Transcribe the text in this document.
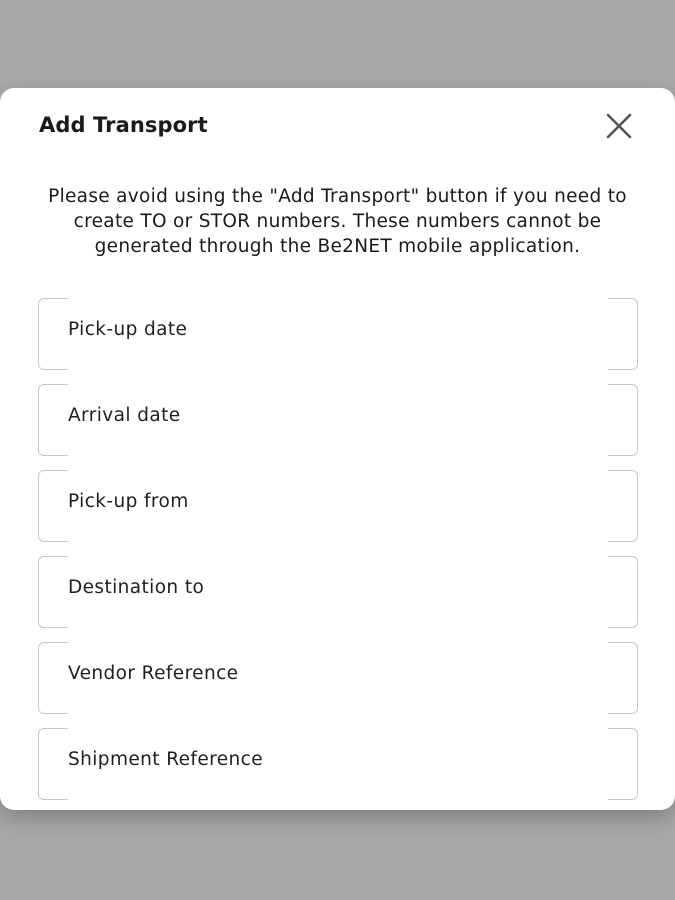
Add Transport
Please avoid using the "Add Transport" button if you need to create TO or STOR numbers. These numbers cannot be generated through the Be2NET mobile application.
Pick-up date
Arrival date
Pick-up from
Destination to
Vendor Reference
Shipment Reference
